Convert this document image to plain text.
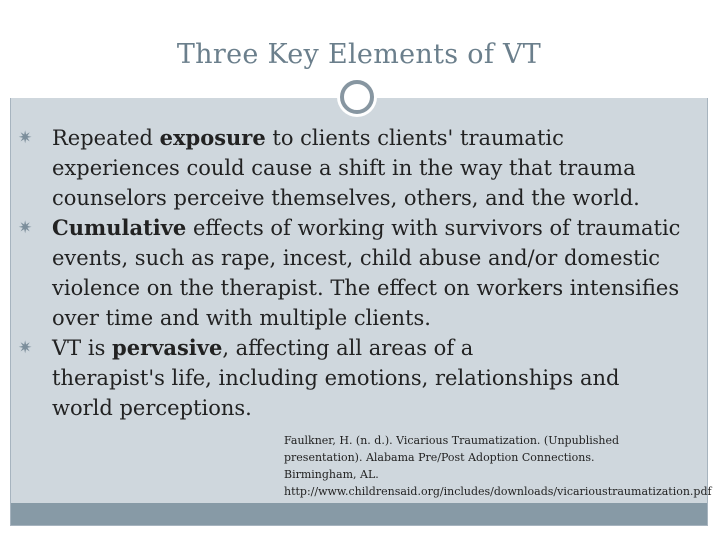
Three Key Elements of VT

✷ Repeated exposure to clients clients' traumatic experiences could cause a shift in the way that trauma counselors perceive themselves, others, and the world.

✷ Cumulative effects of working with survivors of traumatic events, such as rape, incest, child abuse and/or domestic violence on the therapist. The effect on workers intensifies over time and with multiple clients.

✷ VT is pervasive, affecting all areas of a
therapist's life, including emotions, relationships and
world perceptions.

Faulkner, H. (n. d.). Vicarious Traumatization. (Unpublished presentation). Alabama Pre/Post Adoption Connections. Birmingham, AL. http://www.childrensaid.org/includes/downloads/vicarioustraumatization.pdf
